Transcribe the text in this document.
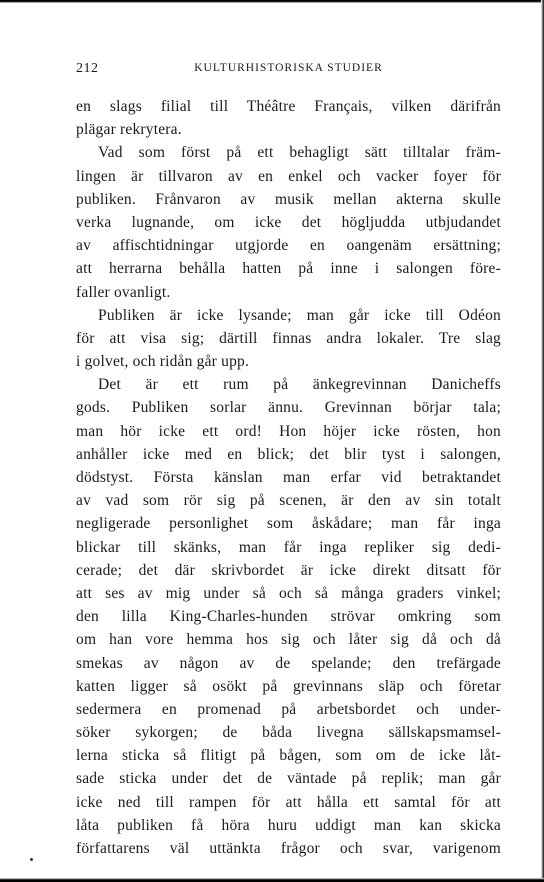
212	KULTURHISTORISKA STUDIER
en slags filial till Théâtre Français, vilken därifrån
plägar rekrytera.
Vad som först på ett behagligt sätt tilltalar främ-
lingen är tillvaron av en enkel och vacker foyer för
publiken. Frånvaron av musik mellan akterna skulle
verka lugnande, om icke det högljudda utbjudandet
av affischtidningar utgjorde en oangenäm ersättning;
att herrarna behålla hatten på inne i salongen före-
faller ovanligt.
Publiken är icke lysande; man går icke till Odéon
för att visa sig; därtill finnas andra lokaler. Tre slag
i golvet, och ridån går upp.
Det är ett rum på änkegrevinnan Danicheffs
gods. Publiken sorlar ännu. Grevinnan börjar tala;
man hör icke ett ord! Hon höjer icke rösten, hon
anhåller icke med en blick; det blir tyst i salongen,
dödstyst. Första känslan man erfar vid betraktandet
av vad som rör sig på scenen, är den av sin totalt
negligerade personlighet som åskådare; man får inga
blickar till skänks, man får inga repliker sig dedi-
cerade; det där skrivbordet är icke direkt ditsatt för
att ses av mig under så och så många graders vinkel;
den lilla King-Charles-hunden strövar omkring som
om han vore hemma hos sig och låter sig då och då
smekas av någon av de spelande; den trefärgade
katten ligger så osökt på grevinnans släp och företar
sedermera en promenad på arbetsbordet och under-
söker sykorgen; de båda livegna sällskapsmamsel-
lerna sticka så flitigt på bågen, som om de icke låt-
sade sticka under det de väntade på replik; man går
icke ned till rampen för att hålla ett samtal för att
låta publiken få höra huru uddigt man kan skicka
författarens väl uttänkta frågor och svar, varigenom
